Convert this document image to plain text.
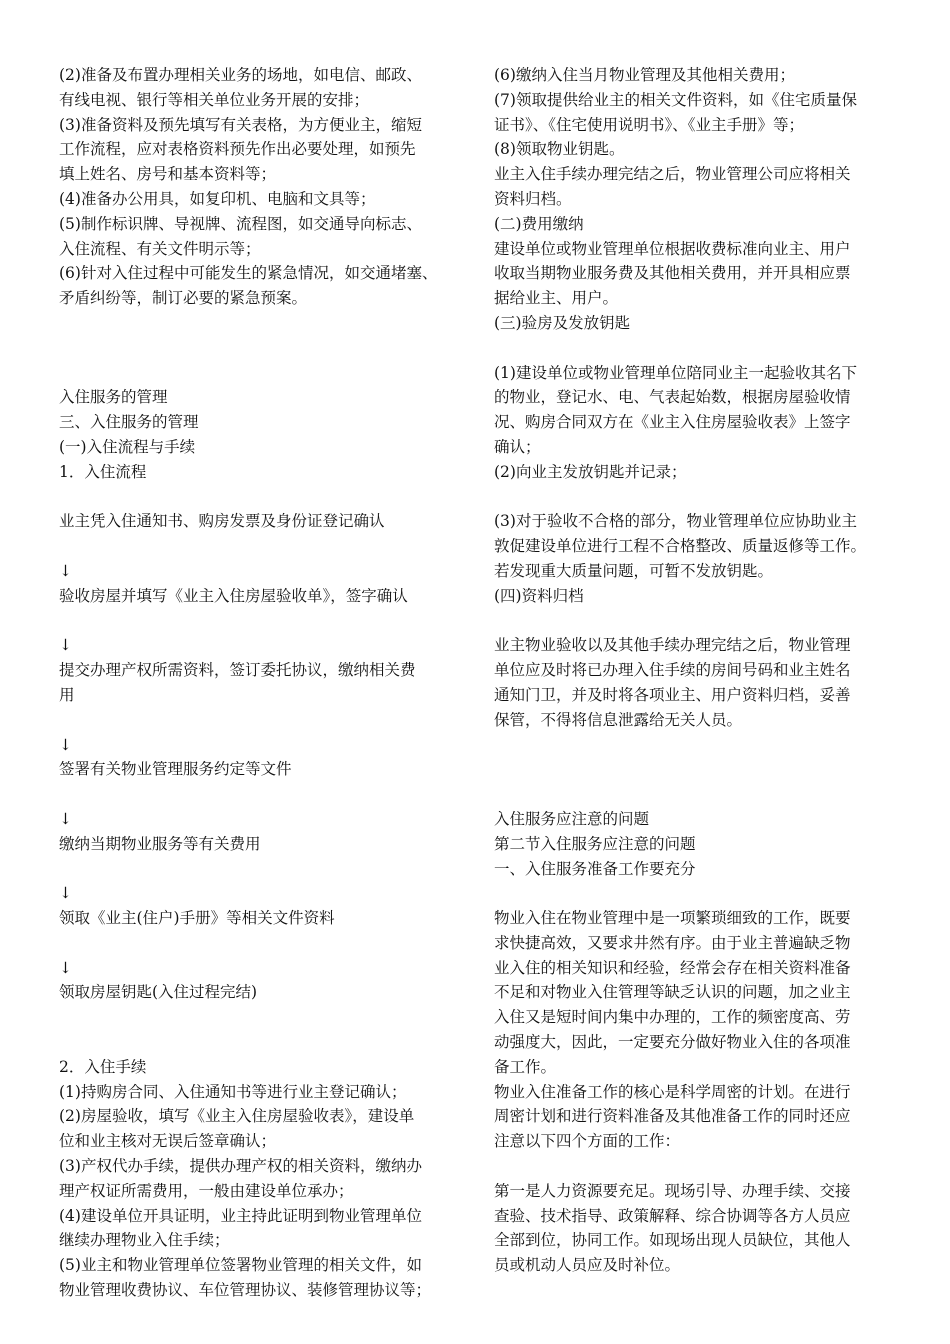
(2)准备及布置办理相关业务的场地，如电信、邮政、
有线电视、银行等相关单位业务开展的安排；

(3)准备资料及预先填写有关表格，为方便业主，缩短
工作流程，应对表格资料预先作出必要处理，如预先
填上姓名、房号和基本资料等；

(4)准备办公用具，如复印机、电脑和文具等；

(5)制作标识牌、导视牌、流程图，如交通导向标志、
入住流程、有关文件明示等；

(6)针对入住过程中可能发生的紧急情况，如交通堵塞、
矛盾纠纷等，制订必要的紧急预案。

入住服务的管理

三、入住服务的管理

(一)入住流程与手续

1．入住流程

业主凭入住通知书、购房发票及身份证登记确认

↓

验收房屋并填写《业主入住房屋验收单》，签字确认

↓

提交办理产权所需资料，签订委托协议，缴纳相关费
用

↓

签署有关物业管理服务约定等文件

↓

缴纳当期物业服务等有关费用

↓

领取《业主(住户)手册》等相关文件资料

↓

领取房屋钥匙(入住过程完结)

2．入住手续

(1)持购房合同、入住通知书等进行业主登记确认；

(2)房屋验收，填写《业主入住房屋验收表》，建设单
位和业主核对无误后签章确认；

(3)产权代办手续，提供办理产权的相关资料，缴纳办
理产权证所需费用，一般由建设单位承办；

(4)建设单位开具证明，业主持此证明到物业管理单位
继续办理物业入住手续；

(5)业主和物业管理单位签署物业管理的相关文件，如
物业管理收费协议、车位管理协议、装修管理协议等；

(6)缴纳入住当月物业管理及其他相关费用；

(7)领取提供给业主的相关文件资料，如《住宅质量保
证书》、《住宅使用说明书》、《业主手册》等；

(8)领取物业钥匙。

业主入住手续办理完结之后，物业管理公司应将相关
资料归档。

(二)费用缴纳

建设单位或物业管理单位根据收费标准向业主、用户
收取当期物业服务费及其他相关费用，并开具相应票
据给业主、用户。

(三)验房及发放钥匙

(1)建设单位或物业管理单位陪同业主一起验收其名下
的物业，登记水、电、气表起始数，根据房屋验收情
况、购房合同双方在《业主入住房屋验收表》上签字
确认；

(2)向业主发放钥匙并记录；

(3)对于验收不合格的部分，物业管理单位应协助业主
敦促建设单位进行工程不合格整改、质量返修等工作。
若发现重大质量问题，可暂不发放钥匙。

(四)资料归档

业主物业验收以及其他手续办理完结之后，物业管理
单位应及时将已办理入住手续的房间号码和业主姓名
通知门卫，并及时将各项业主、用户资料归档，妥善
保管，不得将信息泄露给无关人员。

入住服务应注意的问题

第二节入住服务应注意的问题

一、入住服务准备工作要充分

物业入住在物业管理中是一项繁琐细致的工作，既要
求快捷高效，又要求井然有序。由于业主普遍缺乏物
业入住的相关知识和经验，经常会存在相关资料准备
不足和对物业入住管理等缺乏认识的问题，加之业主
入住又是短时间内集中办理的，工作的频密度高、劳
动强度大，因此，一定要充分做好物业入住的各项准
备工作。

物业入住准备工作的核心是科学周密的计划。在进行
周密计划和进行资料准备及其他准备工作的同时还应
注意以下四个方面的工作：

第一是人力资源要充足。现场引导、办理手续、交接
查验、技术指导、政策解释、综合协调等各方人员应
全部到位，协同工作。如现场出现人员缺位，其他人
员或机动人员应及时补位。
